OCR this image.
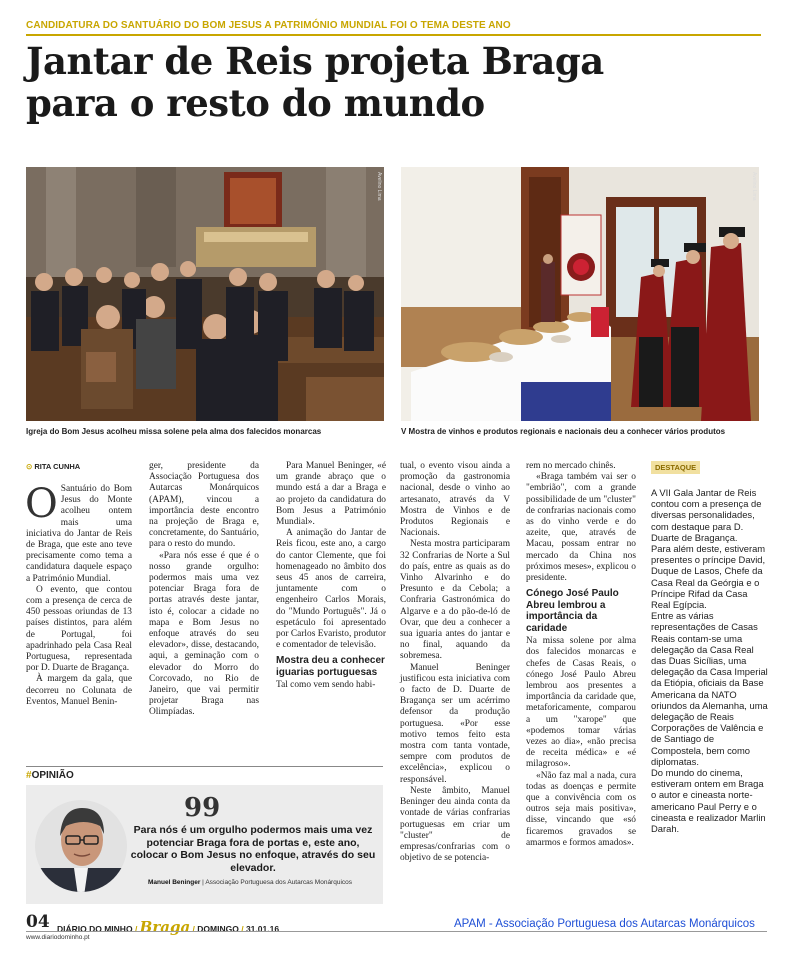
CANDIDATURA DO SANTUÁRIO DO BOM JESUS A PATRIMÓNIO MUNDIAL FOI O TEMA DESTE ANO
Jantar de Reis projeta Braga
para o resto do mundo
Avelino Lima
Igreja do Bom Jesus acolheu missa solene pela alma dos falecidos monarcas
Avelino Lima
V Mostra de vinhos e produtos regionais e nacionais deu a conhecer vários produtos
⊙ RITA CUNHA

O Santuário do Bom Jesus do Monte acolheu ontem mais uma iniciativa do Jantar de Reis de Braga, que este ano teve precisamente como tema a candidatura daquele espaço a Património Mundial.

O evento, que contou com a presença de cerca de 450 pessoas oriundas de 13 países distintos, para além de Portugal, foi apadrinhado pela Casa Real Portuguesa, representada por D. Duarte de Bragança.

À margem da gala, que decorreu no Colunata de Eventos, Manuel Benin-

ger, presidente da Associação Portuguesa dos Autarcas Monárquicos (APAM), vincou a importância deste encontro na projeção de Braga e, concretamente, do Santuário, para o resto do mundo.

«Para nós esse é que é o nosso grande orgulho: podermos mais uma vez potenciar Braga fora de portas através deste jantar, isto é, colocar a cidade no mapa e Bom Jesus no enfoque através do seu elevador», disse, destacando, aqui, a geminação com o elevador do Morro do Corcovado, no Rio de Janeiro, que vai permitir projetar Braga nas Olimpíadas.

Para Manuel Beninger, «é um grande abraço que o mundo está a dar a Braga e ao projeto da candidatura do Bom Jesus a Património Mundial».

A animação do Jantar de Reis ficou, este ano, a cargo do cantor Clemente, que foi homenageado no âmbito dos seus 45 anos de carreira, juntamente com o engenheiro Carlos Morais, do "Mundo Português". Já o espetáculo foi apresentado por Carlos Evaristo, produtor e comentador de televisão.

Mostra deu a conhecer iguarias portuguesas

Tal como vem sendo habi-

tual, o evento visou ainda a promoção da gastronomia nacional, desde o vinho ao artesanato, através da V Mostra de Vinhos e de Produtos Regionais e Nacionais.

Nesta mostra participaram 32 Confrarias de Norte a Sul do país, entre as quais as do Vinho Alvarinho e do Presunto e da Cebola; a Confraria Gastronómica do Algarve e a do pão-de-ló de Ovar, que deu a conhecer a sua iguaria antes do jantar e no final, aquando da sobremesa.

Manuel Beninger justificou esta iniciativa com o facto de D. Duarte de Bragança ser um acérrimo defensor da produção portuguesa. «Por esse motivo temos feito esta mostra com tanta vontade, sempre com produtos de excelência», explicou o responsável.

Neste âmbito, Manuel Beninger deu ainda conta da vontade de várias confrarias portuguesas em criar um "cluster" de empresas/confrarias com o objetivo de se potencia-

rem no mercado chinês.

«Braga também vai ser o "embrião", com a grande possibilidade de um "cluster" de confrarias nacionais como as do vinho verde e do azeite, que, através de Macau, possam entrar no mercado da China nos próximos meses», explicou o presidente.

Cónego José Paulo Abreu lembrou a importância da caridade

Na missa solene por alma dos falecidos monarcas e chefes de Casas Reais, o cónego José Paulo Abreu lembrou aos presentes a importância da caridade que, metaforicamente, comparou a um "xarope" que «podemos tomar várias vezes ao dia», «não precisa de receita médica» e «é milagroso».

«Não faz mal a nada, cura todas as doenças e permite que a convivência com os outros seja mais positiva», disse, vincando que «só ficaremos gravados se amarmos e formos amados».

DESTAQUE

A VII Gala Jantar de Reis contou com a presença de diversas personalidades, com destaque para D. Duarte de Bragança.

Para além deste, estiveram presentes o príncipe David, Duque de Lasos, Chefe da Casa Real da Geórgia e o Príncipe Rifad da Casa Real Egípcia.

Entre as várias representações de Casas Reais contam-se uma delegação da Casa Real das Duas Sicílias, uma delegação da Casa Imperial da Etiópia, oficiais da Base Americana da NATO oriundos da Alemanha, uma delegação de Reais Corporações de Valência e de Santiago de Compostela, bem como diplomatas.

Do mundo do cinema, estiveram ontem em Braga o autor e cineasta norte-americano Paul Perry e o cineasta e realizador Marlin Darah.

#OPINIÃO
99
Para nós é um orgulho podermos mais uma vez potenciar Braga fora de portas e, este ano, colocar o Bom Jesus no enfoque, através do seu elevador.
Manuel Beninger | Associação Portuguesa dos Autarcas Monárquicos
04 DIÁRIO DO MINHO / Braga / DOMINGO / 31.01.16	APAM - Associação Portuguesa dos Autarcas Monárquicos
www.diariodominho.pt
